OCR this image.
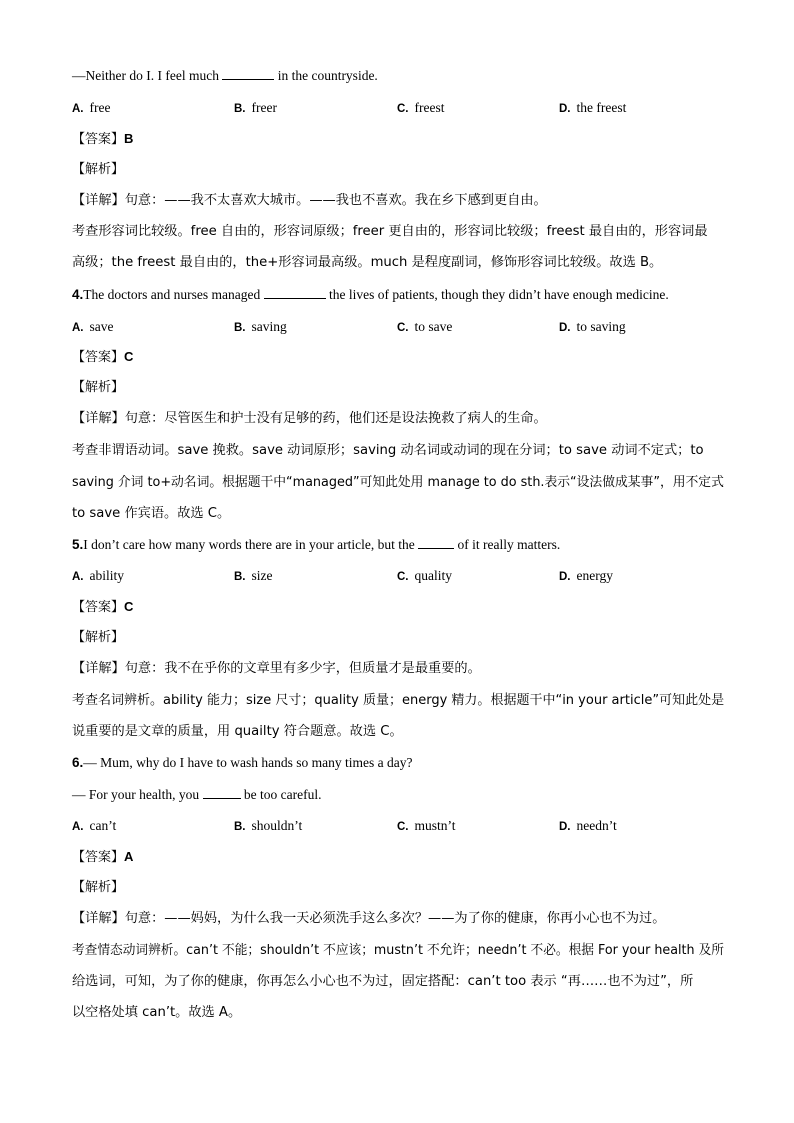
—Neither do I. I feel much	in the countryside.
A. free	B. freer	C. freest	D. the freest
【答案】B
【解析】
【详解】句意：——我不太喜欢大城市。——我也不喜欢。我在乡下感到更自由。
考查形容词比较级。free 自由的，形容词原级；freer 更自由的，形容词比较级；freest 最自由的，形容词最
高级；the freest 最自由的，the+形容词最高级。much 是程度副词，修饰形容词比较级。故选 B。
4.The doctors and nurses managed	the lives of patients, though they didn’t have enough medicine.
A. save	B. saving	C. to save	D. to saving
【答案】C
【解析】
【详解】句意：尽管医生和护士没有足够的药，他们还是设法挽救了病人的生命。
考查非谓语动词。save 挽救。save 动词原形；saving 动名词或动词的现在分词；to save 动词不定式；to
saving 介词 to+动名词。根据题干中“managed”可知此处用 manage to do sth.表示“设法做成某事”，用不定式
to save 作宾语。故选 C。
5.I don’t care how many words there are in your article, but the	of it really matters.
A. ability	B. size	C. quality	D. energy
【答案】C
【解析】
【详解】句意：我不在乎你的文章里有多少字，但质量才是最重要的。
考查名词辨析。ability 能力；size 尺寸；quality 质量；energy 精力。根据题干中“in your article”可知此处是
说重要的是文章的质量，用 quailty 符合题意。故选 C。
6.— Mum, why do I have to wash hands so many times a day?
— For your health, you	be too careful.
A. can’t	B. shouldn’t	C. mustn’t	D. needn’t
【答案】A
【解析】
【详解】句意：——妈妈，为什么我一天必须洗手这么多次？——为了你的健康，你再小心也不为过。
考查情态动词辨析。can’t 不能；shouldn’t 不应该；mustn’t 不允许；needn’t 不必。根据 For your health 及所
给选词，可知，为了你的健康，你再怎么小心也不为过，固定搭配：can’t too 表示 “再……也不为过”，所
以空格处填 can’t。故选 A。
